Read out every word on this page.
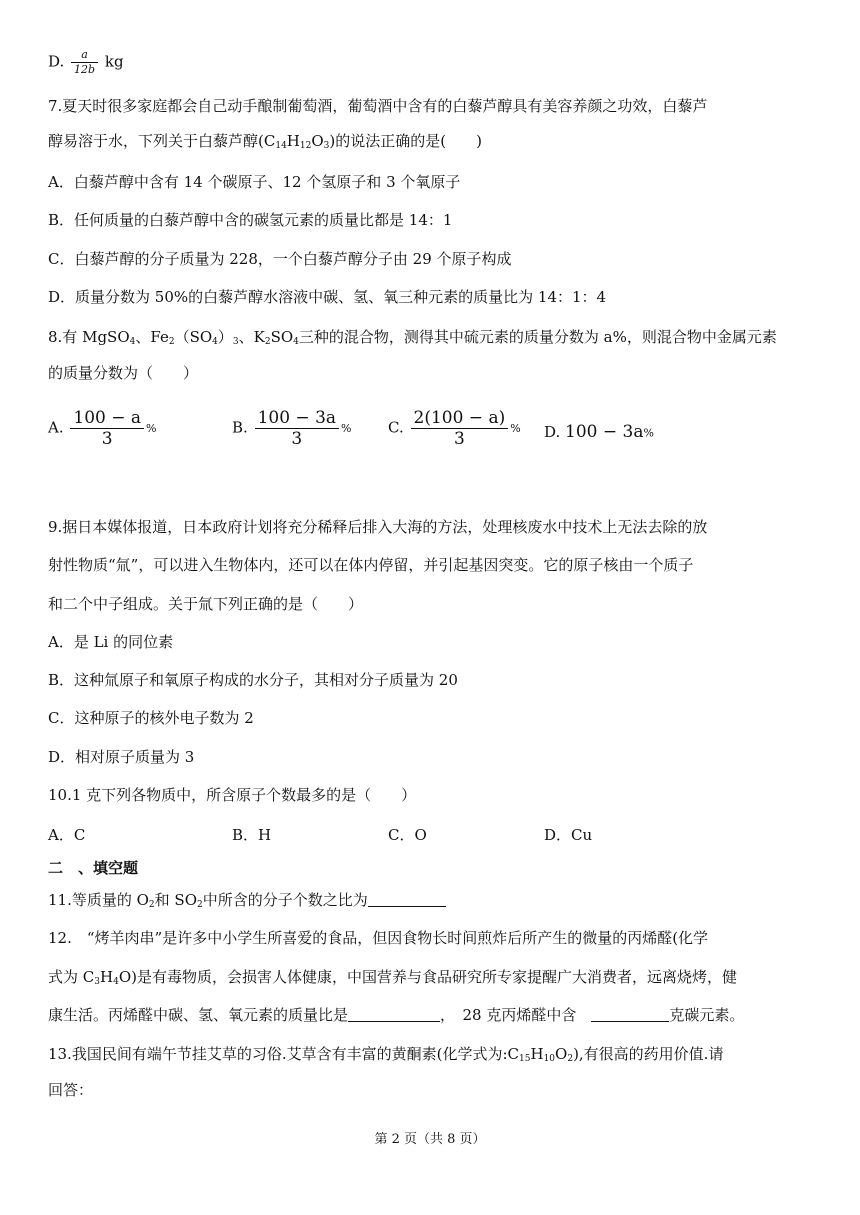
D. $\frac{a}{12b}$ kg
7.夏天时很多家庭都会自己动手酿制葡萄酒，葡萄酒中含有的白藜芦醇具有美容养颜之功效，白藜芦
醇易溶于水，下列关于白藜芦醇$(C_{14}H_{12}O_3)$的说法正确的是(　　)
A．白藜芦醇中含有 14 个碳原子、12 个氢原子和 3 个氧原子
B．任何质量的白藜芦醇中含的碳氢元素的质量比都是 14：1
C．白藜芦醇的分子质量为 228，一个白藜芦醇分子由 29 个原子构成
D．质量分数为 50%的白藜芦醇水溶液中碳、氢、氧三种元素的质量比为 14：1：4
8.有 MgSO$_4$、$Fe_2(SO_4)_3$、$K_2SO_4$三种的混合物，测得其中硫元素的质量分数为 a%，则混合物中金属元素
的质量分数为（　　）
A. $\frac{100 - a}{3}$ %	B. $\frac{100 - 3a}{3}$ % C. $\frac{2(100 - a)}{3}$ % D. 100 − 3a%
9.据日本媒体报道，日本政府计划将充分稀释后排入大海的方法，处理核废水中技术上无法去除的放
射性物质“氚”，可以进入生物体内，还可以在体内停留，并引起基因突变。它的原子核由一个质子
和二个中子组成。关于氚下列正确的是（　　）
A．是 Li 的同位素
B．这种氚原子和氧原子构成的水分子，其相对分子质量为 20
C．这种原子的核外电子数为 2
D．相对原子质量为 3
10.1 克下列各物质中，所含原子个数最多的是（　　）
A．C	B．H	C．O	D．Cu
二　、填空题
11.等质量的 $O_2$和 $SO_2$中所含的分子个数之比为
12.　“烤羊肉串”是许多中小学生所喜爱的食品，但因食物长时间煎炸后所产生的微量的丙烯醛(化学
式为 $C_3H_4O$)是有毒物质，会损害人体健康，中国营养与食品研究所专家提醒广大消费者，远离烧烤，健
康生活。丙烯醛中碳、氢、氧元素的质量比是	，　28 克丙烯醛中含　	克碳元素。
13.我国民间有端午节挂艾草的习俗.艾草含有丰富的黄酮素(化学式为$:C_{15}H_{10}O_2$),有很高的药用价值.请
回答：
第 2 页（共 8 页）
